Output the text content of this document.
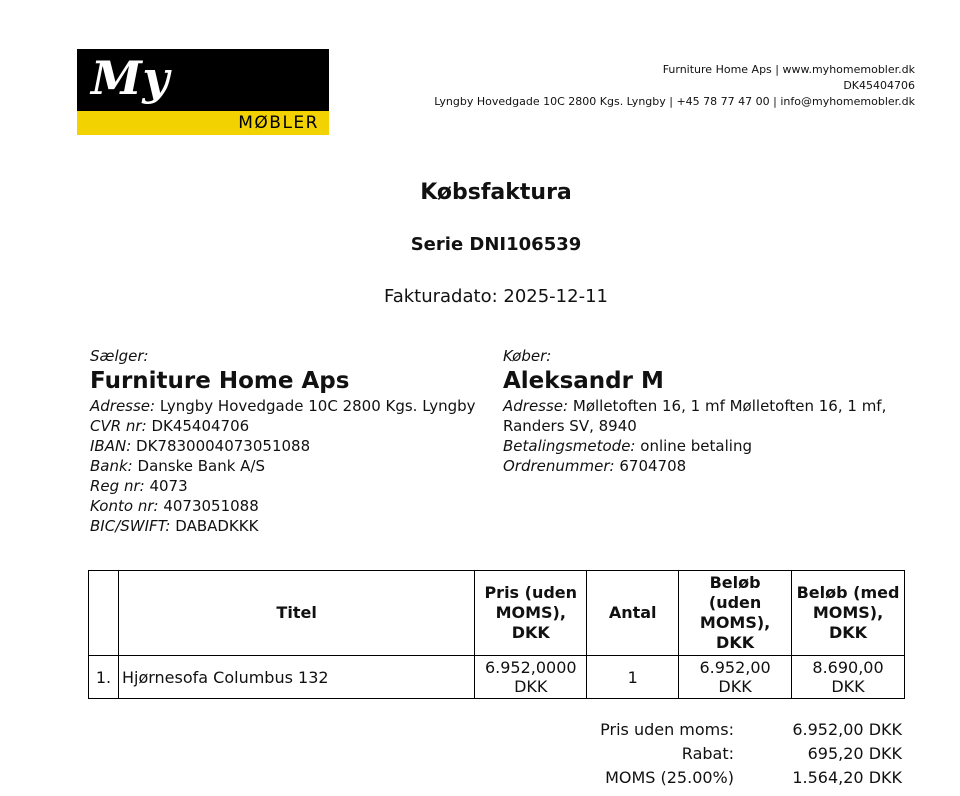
My
MØBLER
Furniture Home Aps | www.myhomemobler.dk
DK45404706
Lyngby Hovedgade 10C 2800 Kgs. Lyngby | +45 78 77 47 00 | info@myhomemobler.dk
Købsfaktura
Serie DNI106539
Fakturadato: 2025-12-11
Sælger:
Furniture Home Aps
Adresse: Lyngby Hovedgade 10C 2800 Kgs. Lyngby
CVR nr: DK45404706
IBAN: DK7830004073051088
Bank: Danske Bank A/S
Reg nr: 4073
Konto nr: 4073051088
BIC/SWIFT: DABADKKK
Køber:
Aleksandr M
Adresse: Mølletoften 16, 1 mf Mølletoften 16, 1 mf, Randers SV, 8940
Betalingsmetode: online betaling
Ordrenummer: 6704708
	Titel	Pris (uden MOMS), DKK	Antal	Beløb (uden MOMS), DKK	Beløb (med MOMS), DKK
1.	Hjørnesofa Columbus 132	6.952,0000 DKK	1	6.952,00 DKK	8.690,00 DKK
Pris uden moms:	6.952,00 DKK
Rabat:	695,20 DKK
MOMS (25.00%)	1.564,20 DKK
